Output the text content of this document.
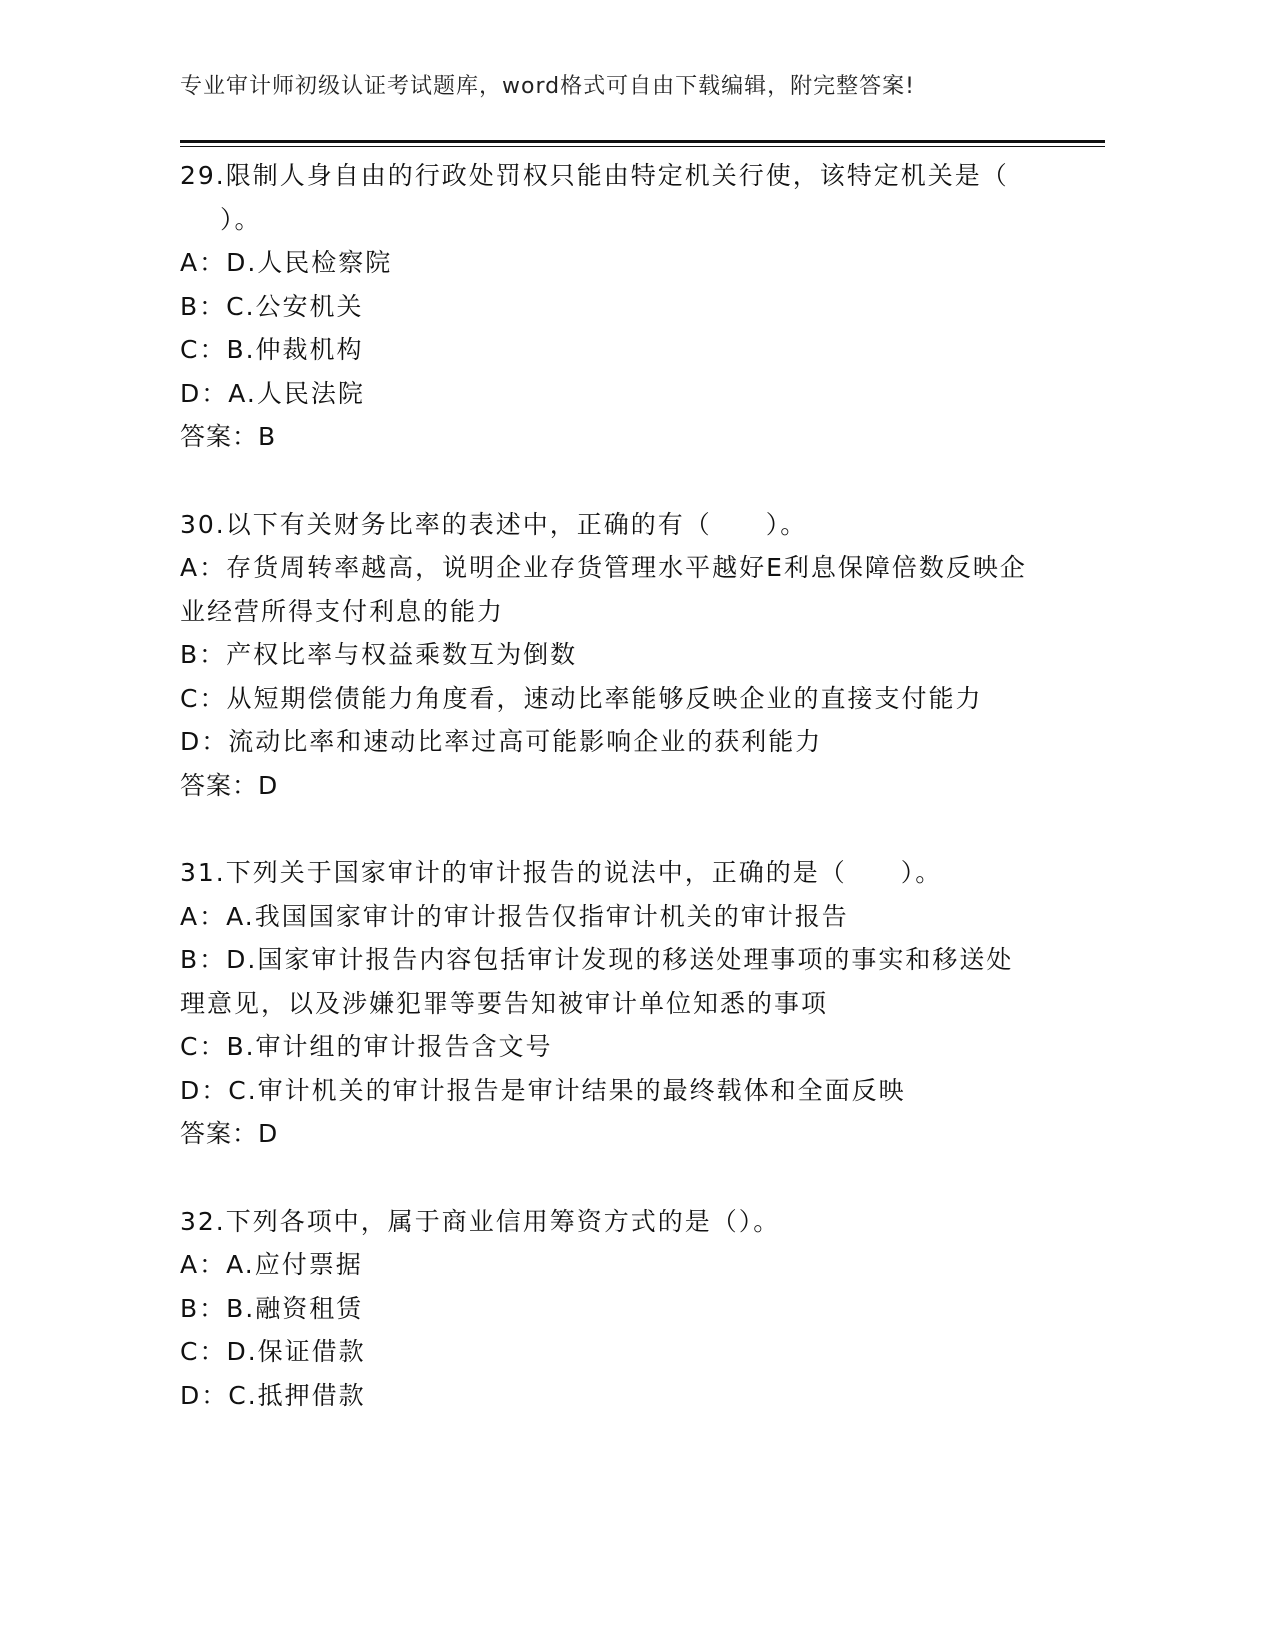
专业审计师初级认证考试题库，word格式可自由下载编辑，附完整答案!
29.限制人身自由的行政处罚权只能由特定机关行使，该特定机关是（
）。
A：D.人民检察院
B：C.公安机关
C：B.仲裁机构
D：A.人民法院
答案：B
30.以下有关财务比率的表述中，正确的有（　　）。
A：存货周转率越高，说明企业存货管理水平越好E利息保障倍数反映企业经营所得支付利息的能力
B：产权比率与权益乘数互为倒数
C：从短期偿债能力角度看，速动比率能够反映企业的直接支付能力
D：流动比率和速动比率过高可能影响企业的获利能力
答案：D
31.下列关于国家审计的审计报告的说法中，正确的是（　　）。
A：A.我国国家审计的审计报告仅指审计机关的审计报告
B：D.国家审计报告内容包括审计发现的移送处理事项的事实和移送处理意见，以及涉嫌犯罪等要告知被审计单位知悉的事项
C：B.审计组的审计报告含文号
D：C.审计机关的审计报告是审计结果的最终载体和全面反映
答案：D
32.下列各项中，属于商业信用筹资方式的是（）。
A：A.应付票据
B：B.融资租赁
C：D.保证借款
D：C.抵押借款
